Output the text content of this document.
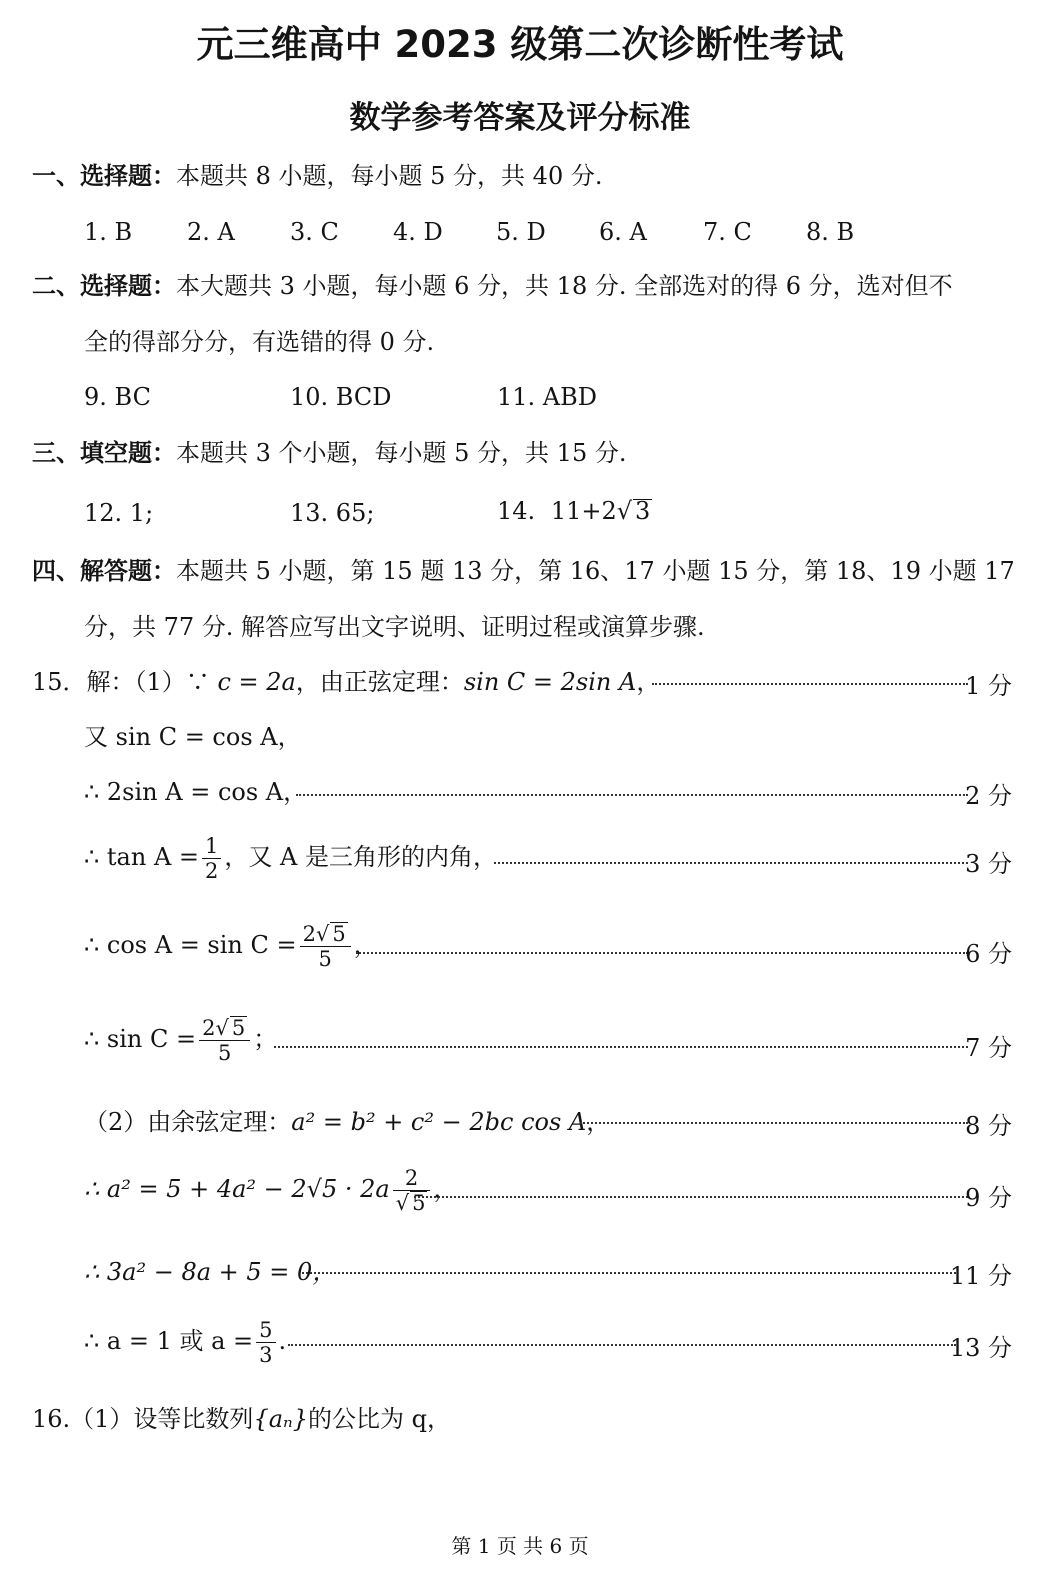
元三维高中 2023 级第二次诊断性考试
数学参考答案及评分标准
一、选择题：本题共 8 小题，每小题 5 分，共 40 分.
1. B 2. A 3. C 4. D 5. D 6. A 7. C 8. B
二、选择题：本大题共 3 小题，每小题 6 分，共 18 分. 全部选对的得 6 分，选对但不
全的得部分分，有选错的得 0 分.
9. BC	10. BCD	11. ABD
三、填空题：本题共 3 个小题，每小题 5 分，共 15 分.
12. 1;	13. 65;	14. 11+2√ 3
四、解答题：本题共 5 小题，第 15 题 13 分，第 16、17 小题 15 分，第 18、19 小题 17
分，共 77 分. 解答应写出文字说明、证明过程或演算步骤.
15．解：（1）∵ c = 2a，由正弦定理：sin C = 2sin A，	1 分
又 sin C = cos A，
∴ 2sin A = cos A，	2 分
∴ $\tan A = \frac{1}{2}$ ，又 A 是三角形的内角，	3 分
∴ $\cos A = \sin C = \frac{2√ 5}{5}$ ，	6 分
∴ $\sin C = \frac{2√ 5}{5}$ ；	7 分
（2）由余弦定理：a² = b² + c² − 2bc cos A，	8 分
∴ $a^2 = 5 + 4a^2 - 2√5 \cdot 2a \frac{2}{√ 5}$ ，	9 分
∴ 3a² − 8a + 5 = 0，	11 分
∴ a = 1 或 $a = \frac{5}{3}$ .	13 分
16.（1）设等比数列{aₙ}的公比为 q，
第 1 页 共 6 页
